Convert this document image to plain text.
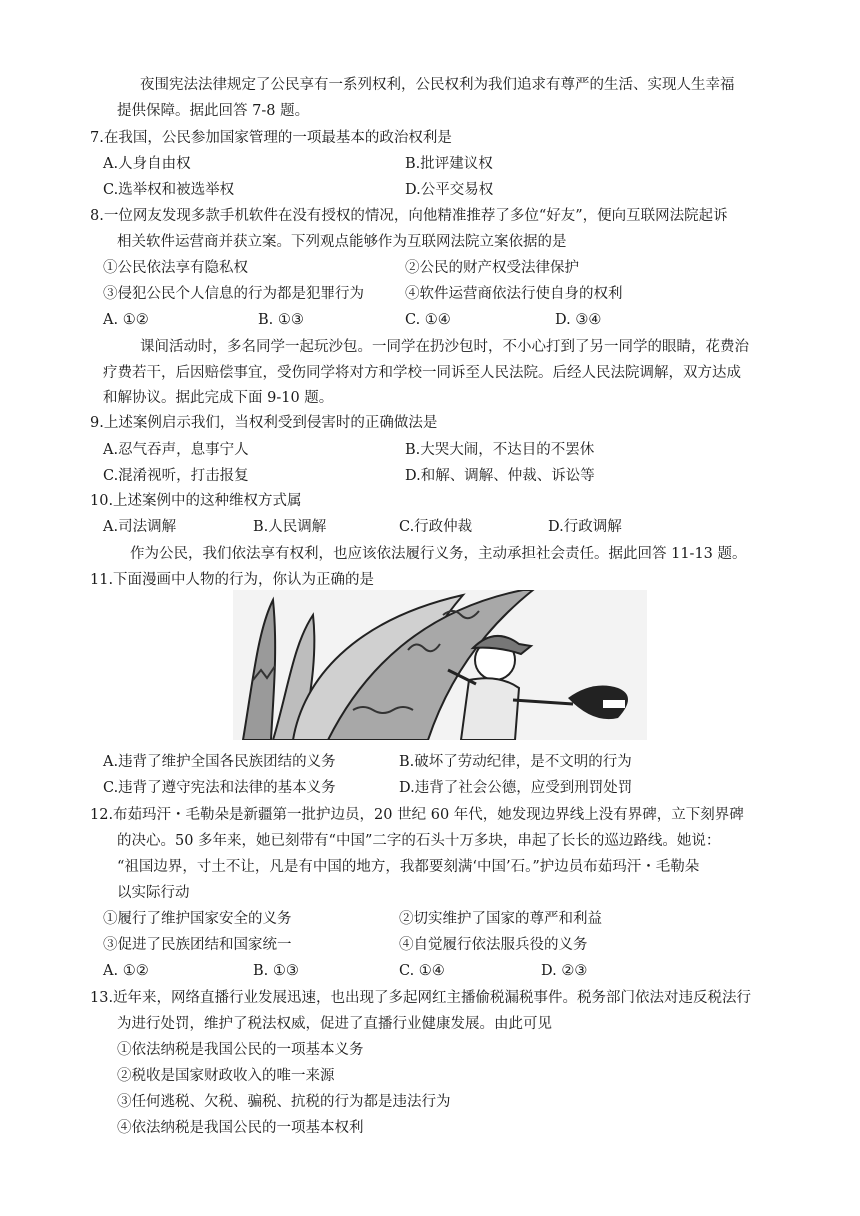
夜围宪法法律规定了公民享有一系列权利，公民权利为我们追求有尊严的生活、实现人生幸福
提供保障。据此回答 7-8 题。
7.在我国，公民参加国家管理的一项最基本的政治权利是
A.人身自由权	B.批评建议权
C.选举权和被选举权	D.公平交易权
8.一位网友发现多款手机软件在没有授权的情况，向他精准推荐了多位“好友”，便向互联网法院起诉
相关软件运营商并获立案。下列观点能够作为互联网法院立案依据的是
①公民依法享有隐私权	②公民的财产权受法律保护
③侵犯公民个人信息的行为都是犯罪行为	④软件运营商依法行使自身的权利
A. ①②	B. ①③	C. ①④	D. ③④
课间活动时，多名同学一起玩沙包。一同学在扔沙包时，不小心打到了另一同学的眼睛，花费治
疗费若干，后因赔偿事宜，受伤同学将对方和学校一同诉至人民法院。后经人民法院调解，双方达成
和解协议。据此完成下面 9-10 题。
9.上述案例启示我们，当权利受到侵害时的正确做法是
A.忍气吞声，息事宁人	B.大哭大闹，不达目的不罢休
C.混淆视听，打击报复	D.和解、调解、仲裁、诉讼等
10.上述案例中的这种维权方式属
A.司法调解	B.人民调解	C.行政仲裁	D.行政调解
作为公民，我们依法享有权利，也应该依法履行义务，主动承担社会责任。据此回答 11-13 题。
11.下面漫画中人物的行为，你认为正确的是
A.违背了维护全国各民族团结的义务	B.破坏了劳动纪律，是不文明的行为
C.违背了遵守宪法和法律的基本义务	D.违背了社会公德，应受到刑罚处罚
12.布茹玛汗・毛勒朵是新疆第一批护边员，20 世纪 60 年代，她发现边界线上没有界碑，立下刻界碑
的决心。50 多年来，她已刻带有“中国”二字的石头十万多块，串起了长长的巡边路线。她说：
“祖国边界，寸土不让，凡是有中国的地方，我都要刻满‘中国’石。”护边员布茹玛汗・毛勒朵
以实际行动
①履行了维护国家安全的义务	②切实维护了国家的尊严和利益
③促进了民族团结和国家统一	④自觉履行依法服兵役的义务
A. ①②	B. ①③	C. ①④	D. ②③
13.近年来，网络直播行业发展迅速，也出现了多起网红主播偷税漏税事件。税务部门依法对违反税法行
为进行处罚，维护了税法权威，促进了直播行业健康发展。由此可见
①依法纳税是我国公民的一项基本义务
②税收是国家财政收入的唯一来源
③任何逃税、欠税、骗税、抗税的行为都是违法行为
④依法纳税是我国公民的一项基本权利
